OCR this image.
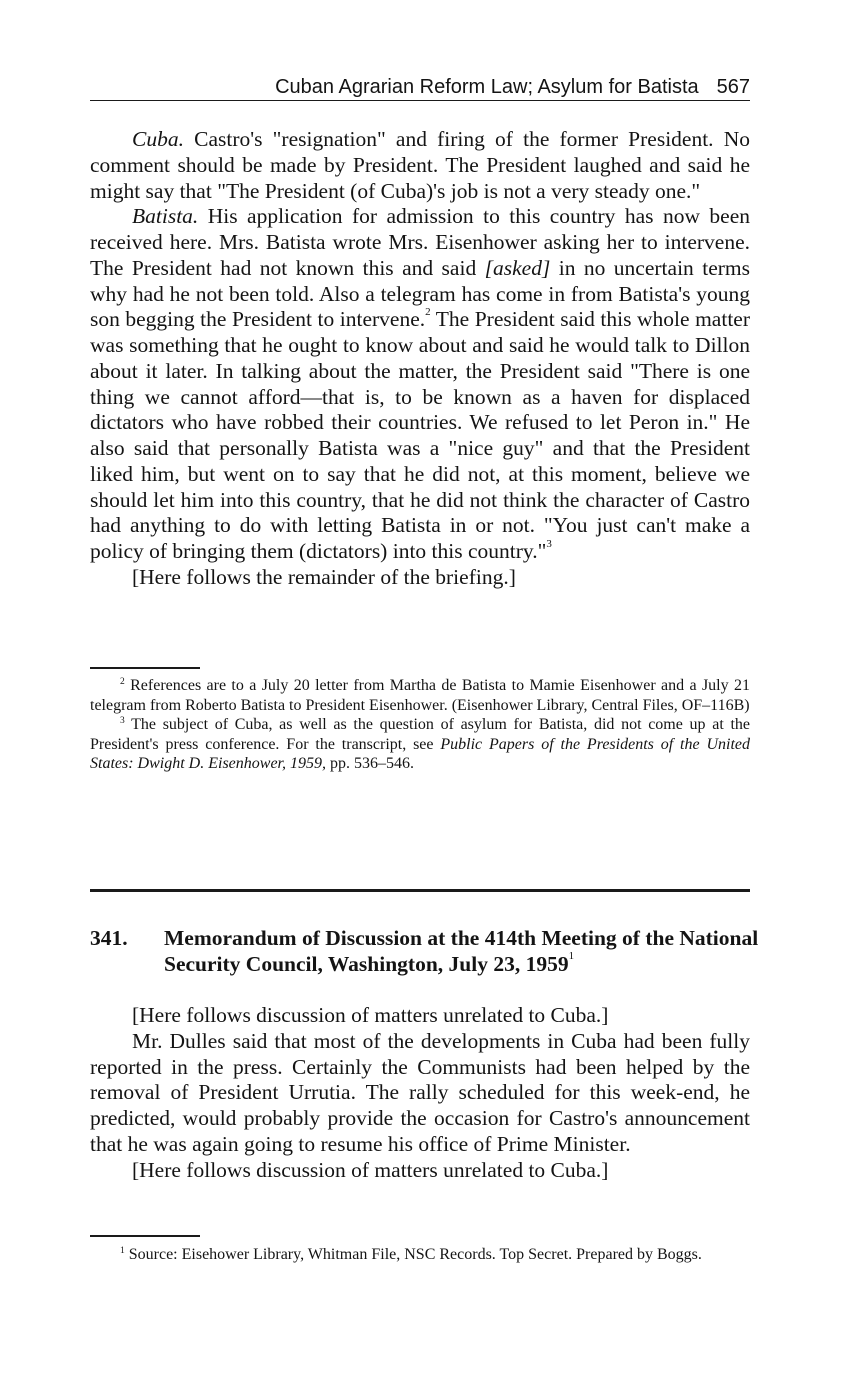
Cuban Agrarian Reform Law; Asylum for Batista 567

Cuba. Castro's "resignation" and firing of the former President. No comment should be made by President. The President laughed and said he might say that "The President (of Cuba)'s job is not a very steady one."

Batista. His application for admission to this country has now been received here. Mrs. Batista wrote Mrs. Eisenhower asking her to intervene. The President had not known this and said [asked] in no uncertain terms why had he not been told. Also a telegram has come in from Batista's young son begging the President to intervene.$^2$ The President said this whole matter was something that he ought to know about and said he would talk to Dillon about it later. In talking about the matter, the President said "There is one thing we cannot afford—that is, to be known as a haven for displaced dictators who have robbed their countries. We refused to let Peron in." He also said that personally Batista was a "nice guy" and that the President liked him, but went on to say that he did not, at this moment, believe we should let him into this country, that he did not think the character of Castro had anything to do with letting Batista in or not. "You just can't make a policy of bringing them (dictators) into this country."$^3$

[Here follows the remainder of the briefing.]

$^2$ References are to a July 20 letter from Martha de Batista to Mamie Eisenhower and a July 21 telegram from Roberto Batista to President Eisenhower. (Eisenhower Library, Central Files, OF–116B)

$^3$ The subject of Cuba, as well as the question of asylum for Batista, did not come up at the President's press conference. For the transcript, see Public Papers of the Presidents of the United States: Dwight D. Eisenhower, 1959, pp. 536–546.

341. Memorandum of Discussion at the 414th Meeting of the National Security Council, Washington, July 23, 1959$^1$

[Here follows discussion of matters unrelated to Cuba.]

Mr. Dulles said that most of the developments in Cuba had been fully reported in the press. Certainly the Communists had been helped by the removal of President Urrutia. The rally scheduled for this week-end, he predicted, would probably provide the occasion for Castro's announcement that he was again going to resume his office of Prime Minister.

[Here follows discussion of matters unrelated to Cuba.]

$^1$ Source: Eisehower Library, Whitman File, NSC Records. Top Secret. Prepared by Boggs.
